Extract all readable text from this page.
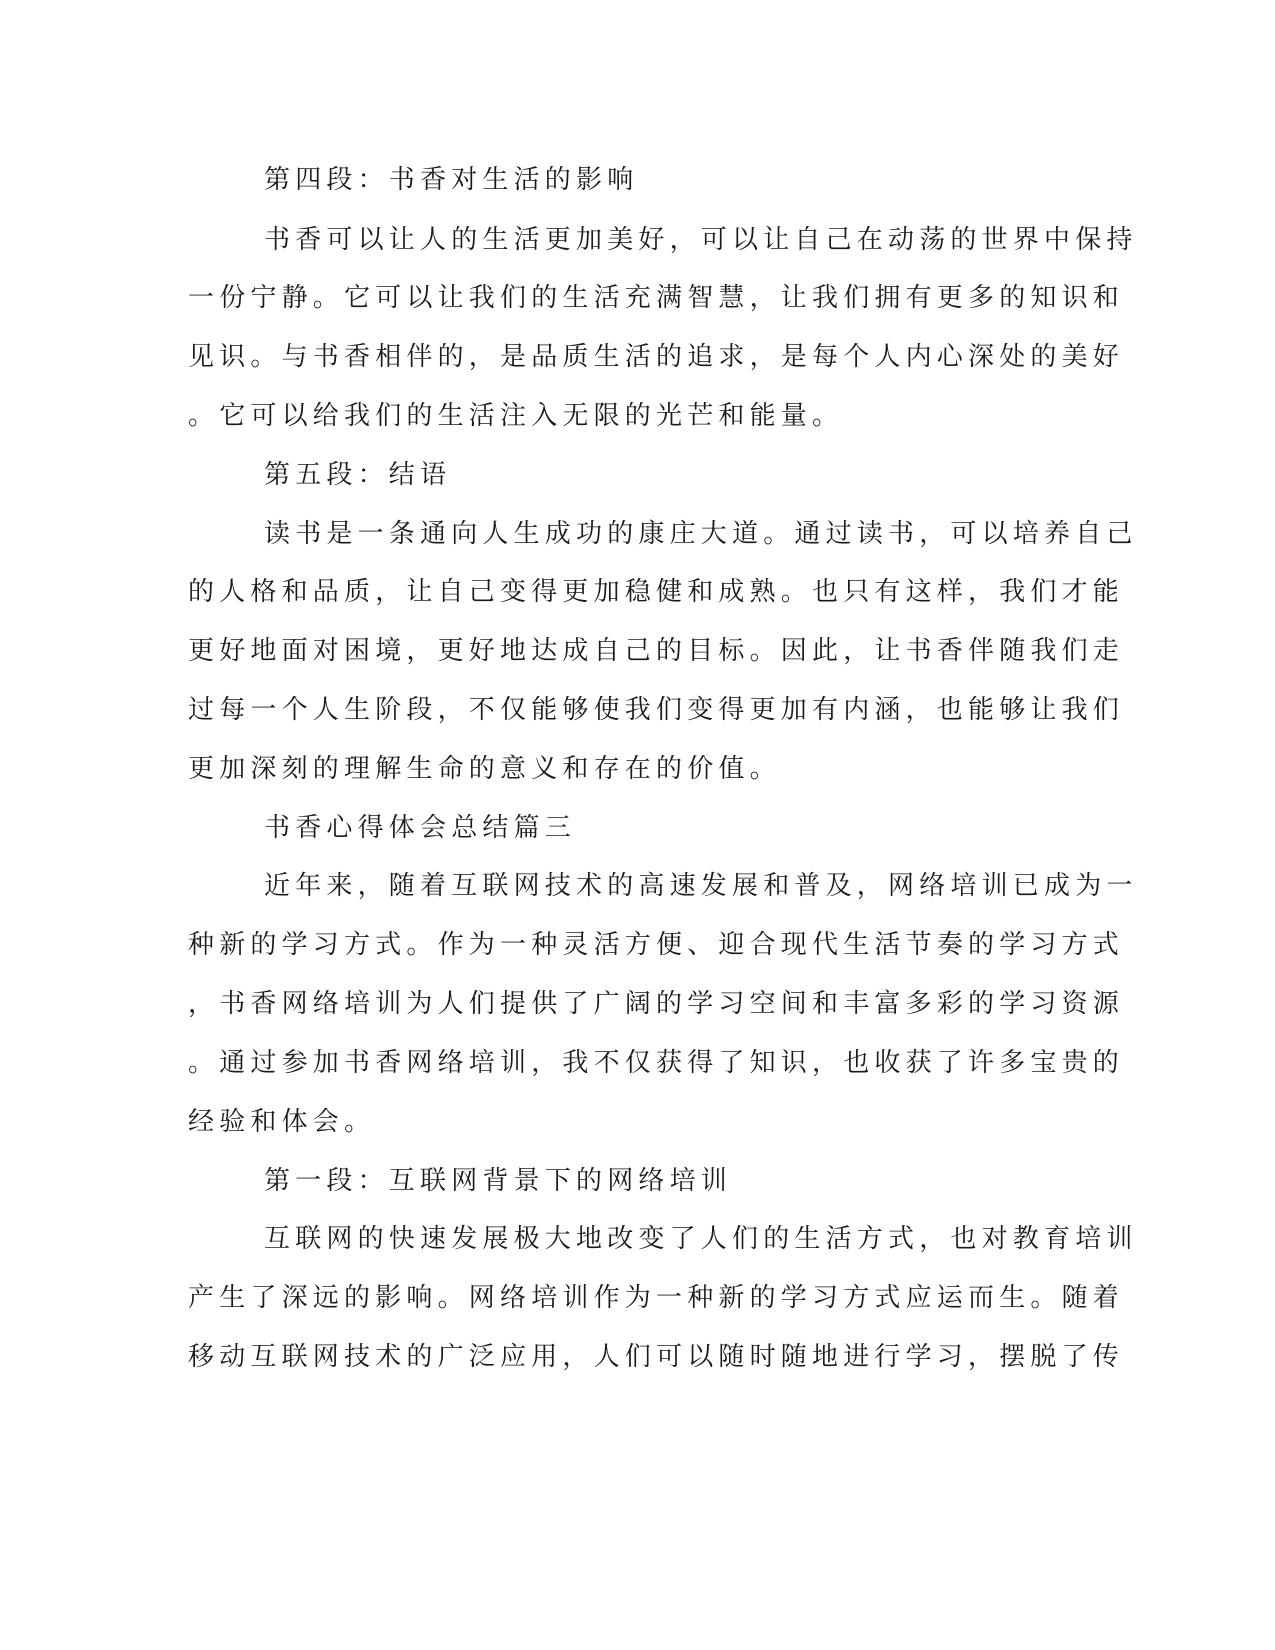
第四段：书香对生活的影响
书香可以让人的生活更加美好，可以让自己在动荡的世界中保持
一份宁静。它可以让我们的生活充满智慧，让我们拥有更多的知识和
见识。与书香相伴的，是品质生活的追求，是每个人内心深处的美好
。它可以给我们的生活注入无限的光芒和能量。
第五段：结语
读书是一条通向人生成功的康庄大道。通过读书，可以培养自己
的人格和品质，让自己变得更加稳健和成熟。也只有这样，我们才能
更好地面对困境，更好地达成自己的目标。因此，让书香伴随我们走
过每一个人生阶段，不仅能够使我们变得更加有内涵，也能够让我们
更加深刻的理解生命的意义和存在的价值。
书香心得体会总结篇三
近年来，随着互联网技术的高速发展和普及，网络培训已成为一
种新的学习方式。作为一种灵活方便、迎合现代生活节奏的学习方式
，书香网络培训为人们提供了广阔的学习空间和丰富多彩的学习资源
。通过参加书香网络培训，我不仅获得了知识，也收获了许多宝贵的
经验和体会。
第一段：互联网背景下的网络培训
互联网的快速发展极大地改变了人们的生活方式，也对教育培训
产生了深远的影响。网络培训作为一种新的学习方式应运而生。随着
移动互联网技术的广泛应用，人们可以随时随地进行学习，摆脱了传
